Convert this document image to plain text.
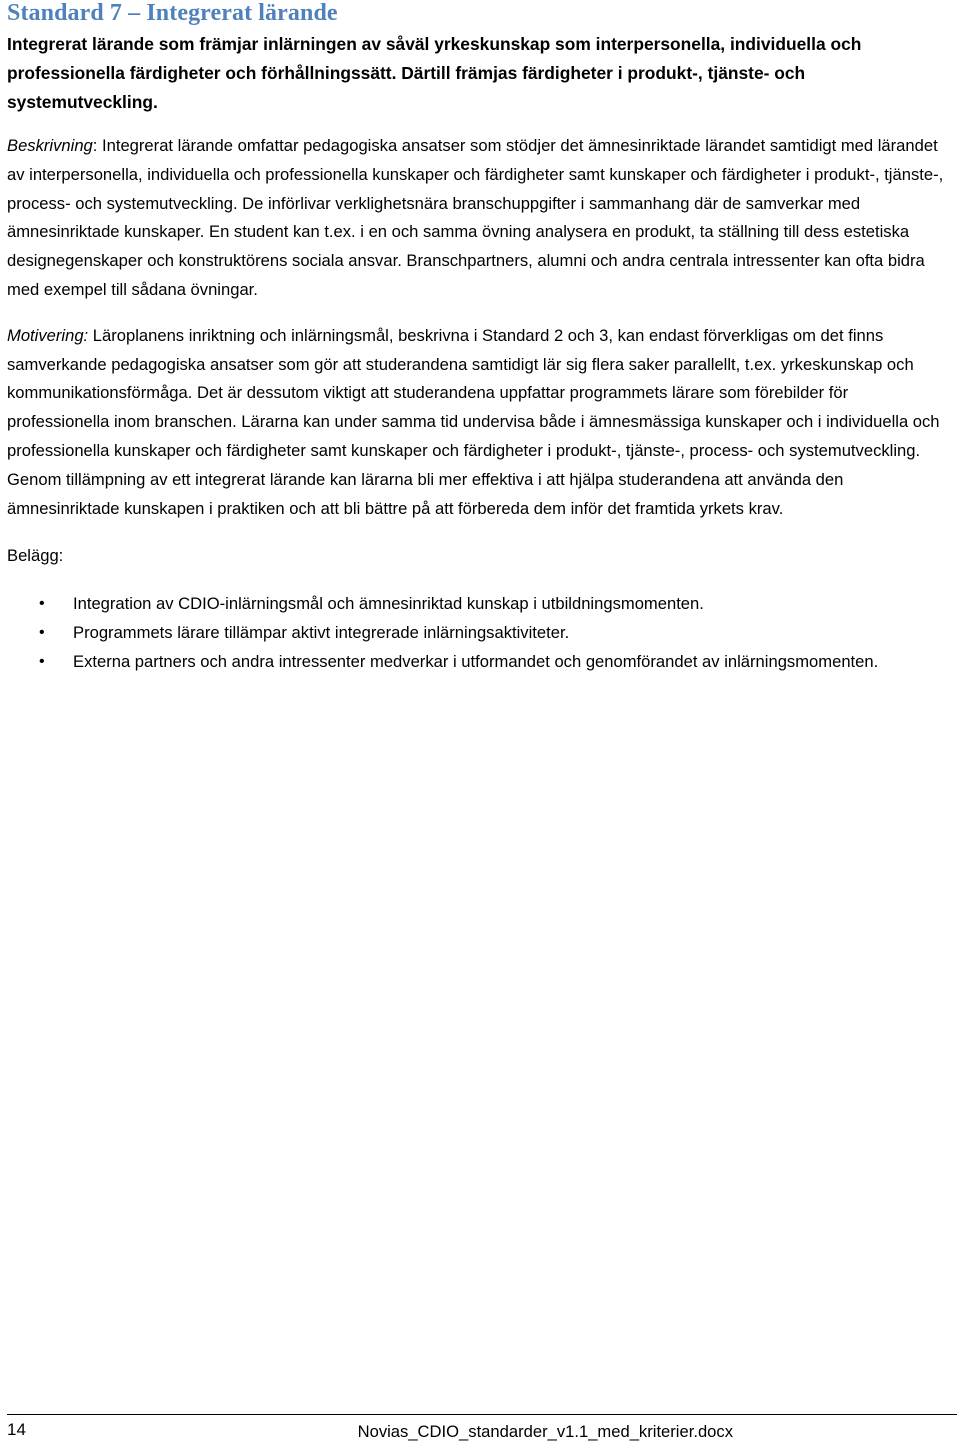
Standard 7 – Integrerat lärande

Integrerat lärande som främjar inlärningen av såväl yrkeskunskap som interpersonella, individuella och professionella färdigheter och förhållningssätt. Därtill främjas färdigheter i produkt-, tjänste- och systemutveckling.

Beskrivning: Integrerat lärande omfattar pedagogiska ansatser som stödjer det ämnesinriktade lärandet samtidigt med lärandet av interpersonella, individuella och professionella kunskaper och färdigheter samt kunskaper och färdigheter i produkt-, tjänste-, process- och systemutveckling. De införlivar verklighetsnära branschuppgifter i sammanhang där de samverkar med ämnesinriktade kunskaper. En student kan t.ex. i en och samma övning analysera en produkt, ta ställning till dess estetiska designegenskaper och konstruktörens sociala ansvar. Branschpartners, alumni och andra centrala intressenter kan ofta bidra med exempel till sådana övningar.

Motivering: Läroplanens inriktning och inlärningsmål, beskrivna i Standard 2 och 3, kan endast förverkligas om det finns samverkande pedagogiska ansatser som gör att studerandena samtidigt lär sig flera saker parallellt, t.ex. yrkeskunskap och kommunikationsförmåga. Det är dessutom viktigt att studerandena uppfattar programmets lärare som förebilder för professionella inom branschen. Lärarna kan under samma tid undervisa både i ämnesmässiga kunskaper och i individuella och professionella kunskaper och färdigheter samt kunskaper och färdigheter i produkt-, tjänste-, process- och systemutveckling. Genom tillämpning av ett integrerat lärande kan lärarna bli mer effektiva i att hjälpa studerandena att använda den ämnesinriktade kunskapen i praktiken och att bli bättre på att förbereda dem inför det framtida yrkets krav.

Belägg:

• Integration av CDIO-inlärningsmål och ämnesinriktad kunskap i utbildningsmomenten.
• Programmets lärare tillämpar aktivt integrerade inlärningsaktiviteter.
• Externa partners och andra intressenter medverkar i utformandet och genomförandet av inlärningsmomenten.
14	Novias_CDIO_standarder_v1.1_med_kriterier.docx
